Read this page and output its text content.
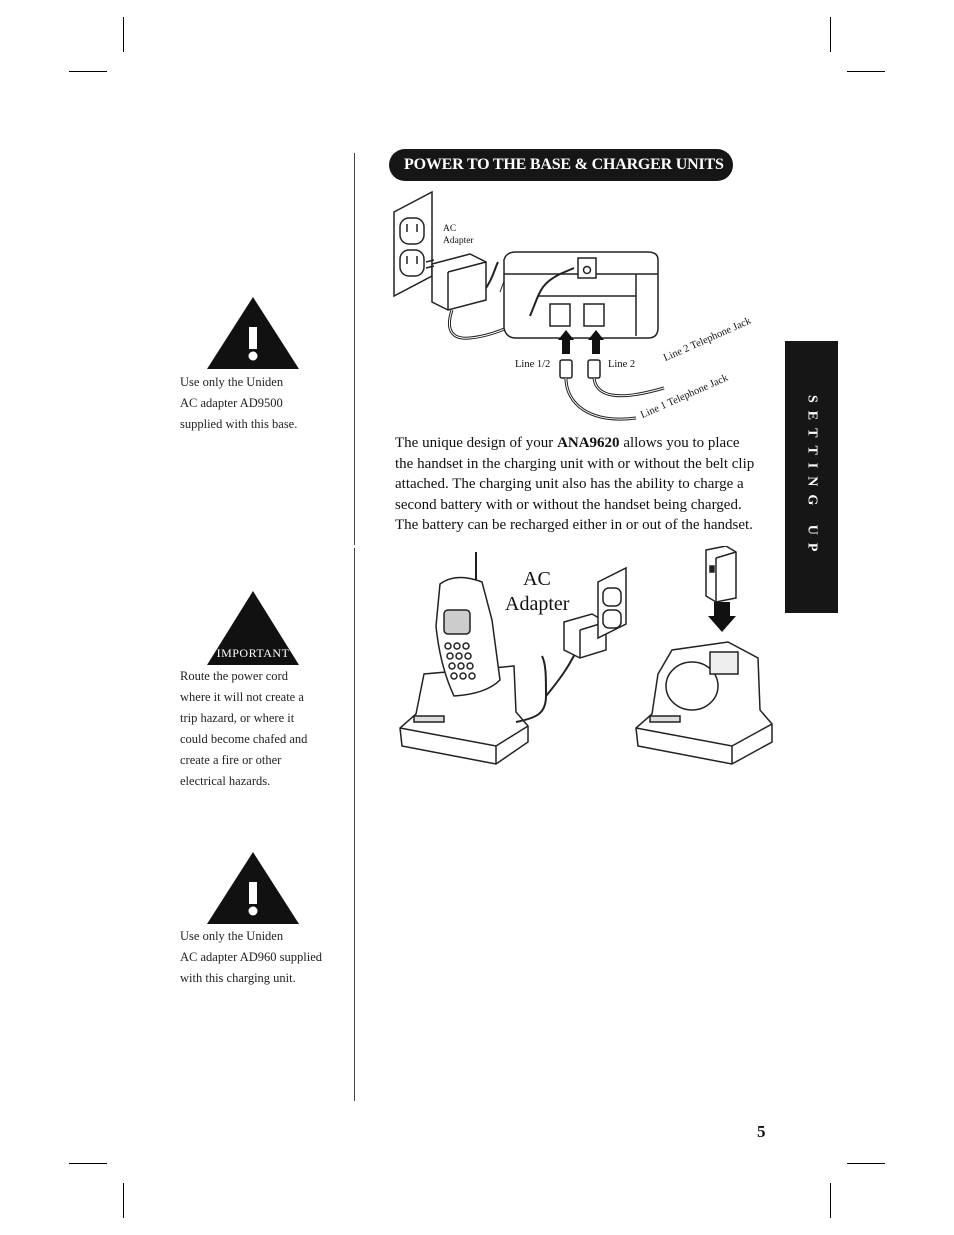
POWER TO THE BASE & CHARGER UNITS
Use only the Uniden
AC adapter AD9500
supplied with this base.
IMPORTANT
Route the power cord
where it will not create a
trip hazard, or where it
could become chafed and
create a fire or other
electrical hazards.
Use only the Uniden
AC adapter AD960 supplied
with this charging unit.
AC
Adapter
Line 1/2	Line 2
Line 2 Telephone Jack
Line 1 Telephone Jack
The unique design of your ANA9620 allows you to place
the handset in the charging unit with or without the belt clip
attached. The charging unit also has the ability to charge a
second battery with or without the handset being charged.
The battery can be recharged either in or out of the handset.
AC
Adapter
SETTING UP
5
